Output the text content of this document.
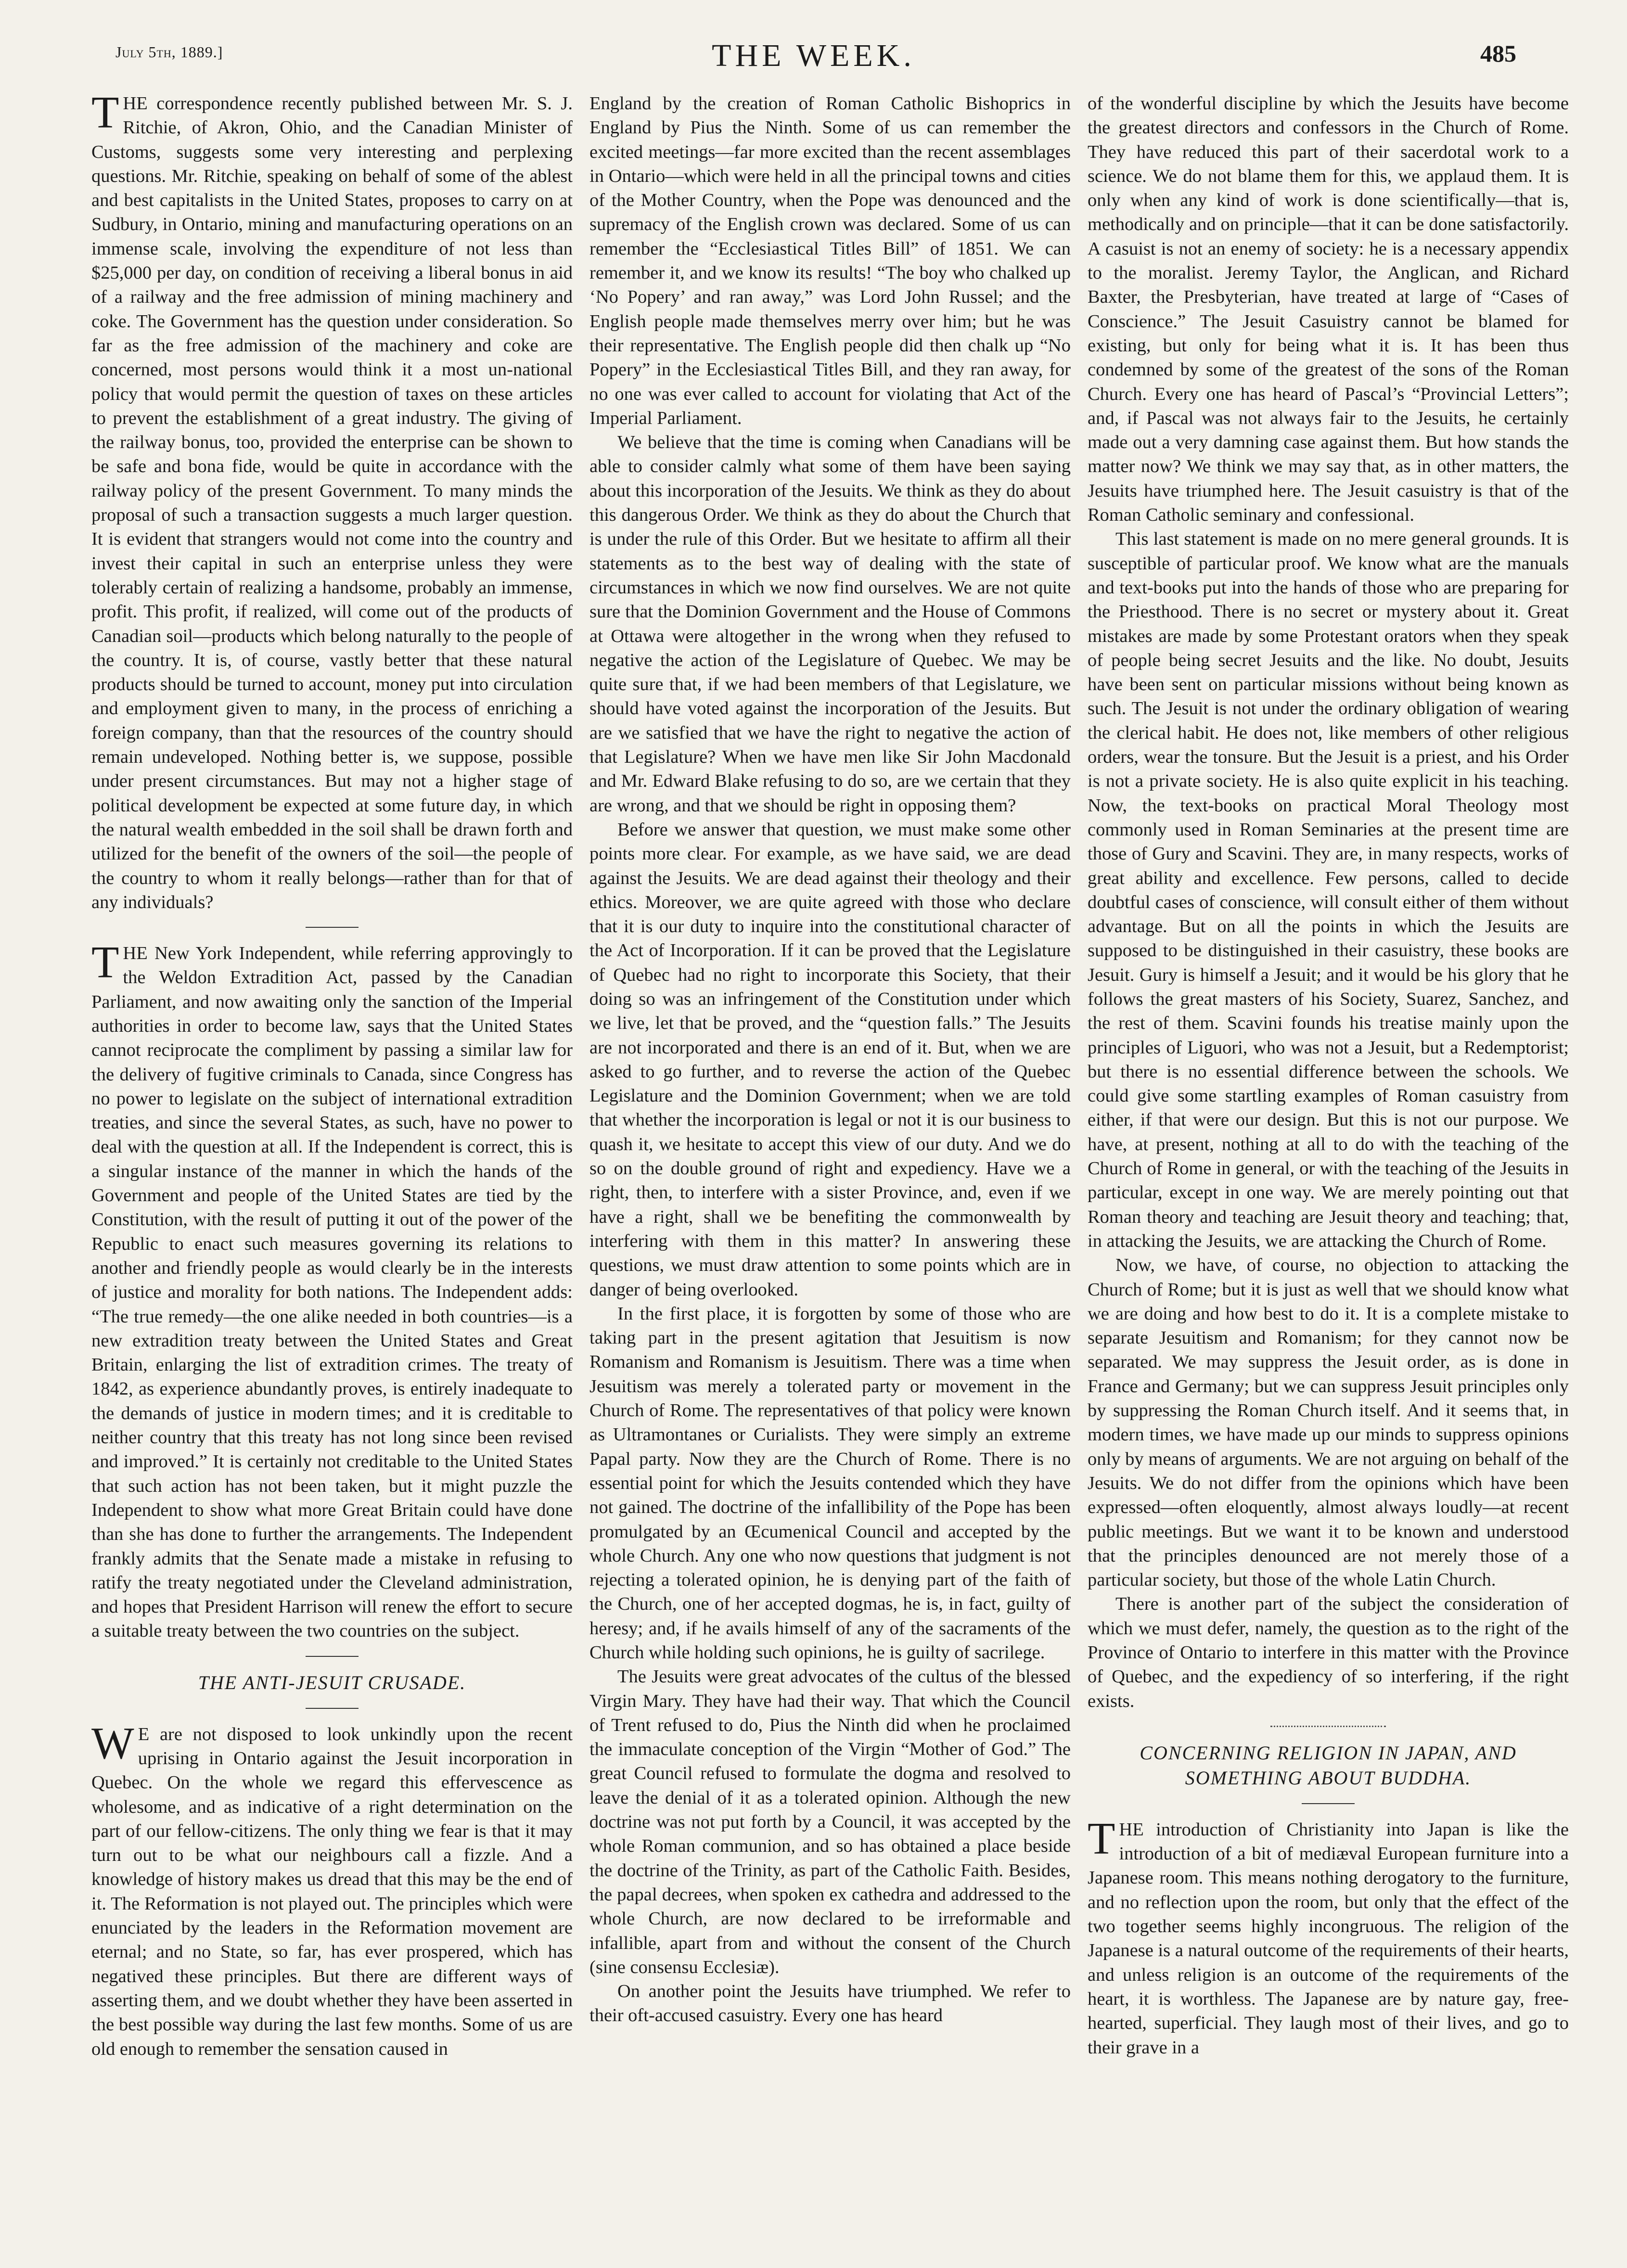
July 5th, 1889.]	THE WEEK.	485

THE correspondence recently published between Mr. S. J. Ritchie, of Akron, Ohio, and the Canadian Minister of Customs, suggests some very interesting and perplexing questions. Mr. Ritchie, speaking on behalf of some of the ablest and best capitalists in the United States, proposes to carry on at Sudbury, in Ontario, mining and manufacturing operations on an immense scale, involving the expenditure of not less than $25,000 per day, on condition of receiving a liberal bonus in aid of a railway and the free admission of mining machinery and coke. The Government has the question under consideration. So far as the free admission of the machinery and coke are concerned, most persons would think it a most un-national policy that would permit the question of taxes on these articles to prevent the establishment of a great industry. The giving of the railway bonus, too, provided the enterprise can be shown to be safe and bona fide, would be quite in accordance with the railway policy of the present Government. To many minds the proposal of such a transaction suggests a much larger question. It is evident that strangers would not come into the country and invest their capital in such an enterprise unless they were tolerably certain of realizing a handsome, probably an immense, profit. This profit, if realized, will come out of the products of Canadian soil—products which belong naturally to the people of the country. It is, of course, vastly better that these natural products should be turned to account, money put into circulation and employment given to many, in the process of enriching a foreign company, than that the resources of the country should remain undeveloped. Nothing better is, we suppose, possible under present circumstances. But may not a higher stage of political development be expected at some future day, in which the natural wealth embedded in the soil shall be drawn forth and utilized for the benefit of the owners of the soil—the people of the country to whom it really belongs—rather than for that of any individuals?

THE New York Independent, while referring approvingly to the Weldon Extradition Act, passed by the Canadian Parliament, and now awaiting only the sanction of the Imperial authorities in order to become law, says that the United States cannot reciprocate the compliment by passing a similar law for the delivery of fugitive criminals to Canada, since Congress has no power to legislate on the subject of international extradition treaties, and since the several States, as such, have no power to deal with the question at all. If the Independent is correct, this is a singular instance of the manner in which the hands of the Government and people of the United States are tied by the Constitution, with the result of putting it out of the power of the Republic to enact such measures governing its relations to another and friendly people as would clearly be in the interests of justice and morality for both nations. The Independent adds: “The true remedy—the one alike needed in both countries—is a new extradition treaty between the United States and Great Britain, enlarging the list of extradition crimes. The treaty of 1842, as experience abundantly proves, is entirely inadequate to the demands of justice in modern times; and it is creditable to neither country that this treaty has not long since been revised and improved.” It is certainly not creditable to the United States that such action has not been taken, but it might puzzle the Independent to show what more Great Britain could have done than she has done to further the arrangements. The Independent frankly admits that the Senate made a mistake in refusing to ratify the treaty negotiated under the Cleveland administration, and hopes that President Harrison will renew the effort to secure a suitable treaty between the two countries on the subject.

THE ANTI-JESUIT CRUSADE.

WE are not disposed to look unkindly upon the recent uprising in Ontario against the Jesuit incorporation in Quebec. On the whole we regard this effervescence as wholesome, and as indicative of a right determination on the part of our fellow-citizens. The only thing we fear is that it may turn out to be what our neighbours call a fizzle. And a knowledge of history makes us dread that this may be the end of it. The Reformation is not played out. The principles which were enunciated by the leaders in the Reformation movement are eternal; and no State, so far, has ever prospered, which has negatived these principles. But there are different ways of asserting them, and we doubt whether they have been asserted in the best possible way during the last few months. Some of us are old enough to remember the sensation caused in

England by the creation of Roman Catholic Bishoprics in England by Pius the Ninth. Some of us can remember the excited meetings—far more excited than the recent assemblages in Ontario—which were held in all the principal towns and cities of the Mother Country, when the Pope was denounced and the supremacy of the English crown was declared. Some of us can remember the “Ecclesiastical Titles Bill” of 1851. We can remember it, and we know its results! “The boy who chalked up ‘No Popery’ and ran away,” was Lord John Russel; and the English people made themselves merry over him; but he was their representative. The English people did then chalk up “No Popery” in the Ecclesiastical Titles Bill, and they ran away, for no one was ever called to account for violating that Act of the Imperial Parliament.

We believe that the time is coming when Canadians will be able to consider calmly what some of them have been saying about this incorporation of the Jesuits. We think as they do about this dangerous Order. We think as they do about the Church that is under the rule of this Order. But we hesitate to affirm all their statements as to the best way of dealing with the state of circumstances in which we now find ourselves. We are not quite sure that the Dominion Government and the House of Commons at Ottawa were altogether in the wrong when they refused to negative the action of the Legislature of Quebec. We may be quite sure that, if we had been members of that Legislature, we should have voted against the incorporation of the Jesuits. But are we satisfied that we have the right to negative the action of that Legislature? When we have men like Sir John Macdonald and Mr. Edward Blake refusing to do so, are we certain that they are wrong, and that we should be right in opposing them?

Before we answer that question, we must make some other points more clear. For example, as we have said, we are dead against the Jesuits. We are dead against their theology and their ethics. Moreover, we are quite agreed with those who declare that it is our duty to inquire into the constitutional character of the Act of Incorporation. If it can be proved that the Legislature of Quebec had no right to incorporate this Society, that their doing so was an infringement of the Constitution under which we live, let that be proved, and the “question falls.” The Jesuits are not incorporated and there is an end of it. But, when we are asked to go further, and to reverse the action of the Quebec Legislature and the Dominion Government; when we are told that whether the incorporation is legal or not it is our business to quash it, we hesitate to accept this view of our duty. And we do so on the double ground of right and expediency. Have we a right, then, to interfere with a sister Province, and, even if we have a right, shall we be benefiting the commonwealth by interfering with them in this matter? In answering these questions, we must draw attention to some points which are in danger of being overlooked.

In the first place, it is forgotten by some of those who are taking part in the present agitation that Jesuitism is now Romanism and Romanism is Jesuitism. There was a time when Jesuitism was merely a tolerated party or movement in the Church of Rome. The representatives of that policy were known as Ultramontanes or Curialists. They were simply an extreme Papal party. Now they are the Church of Rome. There is no essential point for which the Jesuits contended which they have not gained. The doctrine of the infallibility of the Pope has been promulgated by an Œcumenical Council and accepted by the whole Church. Any one who now questions that judgment is not rejecting a tolerated opinion, he is denying part of the faith of the Church, one of her accepted dogmas, he is, in fact, guilty of heresy; and, if he avails himself of any of the sacraments of the Church while holding such opinions, he is guilty of sacrilege.

The Jesuits were great advocates of the cultus of the blessed Virgin Mary. They have had their way. That which the Council of Trent refused to do, Pius the Ninth did when he proclaimed the immaculate conception of the Virgin “Mother of God.” The great Council refused to formulate the dogma and resolved to leave the denial of it as a tolerated opinion. Although the new doctrine was not put forth by a Council, it was accepted by the whole Roman communion, and so has obtained a place beside the doctrine of the Trinity, as part of the Catholic Faith. Besides, the papal decrees, when spoken ex cathedra and addressed to the whole Church, are now declared to be irreformable and infallible, apart from and without the consent of the Church (sine consensu Ecclesiæ).

On another point the Jesuits have triumphed. We refer to their oft-accused casuistry. Every one has heard

of the wonderful discipline by which the Jesuits have become the greatest directors and confessors in the Church of Rome. They have reduced this part of their sacerdotal work to a science. We do not blame them for this, we applaud them. It is only when any kind of work is done scientifically—that is, methodically and on principle—that it can be done satisfactorily. A casuist is not an enemy of society: he is a necessary appendix to the moralist. Jeremy Taylor, the Anglican, and Richard Baxter, the Presbyterian, have treated at large of “Cases of Conscience.” The Jesuit Casuistry cannot be blamed for existing, but only for being what it is. It has been thus condemned by some of the greatest of the sons of the Roman Church. Every one has heard of Pascal’s “Provincial Letters”; and, if Pascal was not always fair to the Jesuits, he certainly made out a very damning case against them. But how stands the matter now? We think we may say that, as in other matters, the Jesuits have triumphed here. The Jesuit casuistry is that of the Roman Catholic seminary and confessional.

This last statement is made on no mere general grounds. It is susceptible of particular proof. We know what are the manuals and text-books put into the hands of those who are preparing for the Priesthood. There is no secret or mystery about it. Great mistakes are made by some Protestant orators when they speak of people being secret Jesuits and the like. No doubt, Jesuits have been sent on particular missions without being known as such. The Jesuit is not under the ordinary obligation of wearing the clerical habit. He does not, like members of other religious orders, wear the tonsure. But the Jesuit is a priest, and his Order is not a private society. He is also quite explicit in his teaching. Now, the text-books on practical Moral Theology most commonly used in Roman Seminaries at the present time are those of Gury and Scavini. They are, in many respects, works of great ability and excellence. Few persons, called to decide doubtful cases of conscience, will consult either of them without advantage. But on all the points in which the Jesuits are supposed to be distinguished in their casuistry, these books are Jesuit. Gury is himself a Jesuit; and it would be his glory that he follows the great masters of his Society, Suarez, Sanchez, and the rest of them. Scavini founds his treatise mainly upon the principles of Liguori, who was not a Jesuit, but a Redemptorist; but there is no essential difference between the schools. We could give some startling examples of Roman casuistry from either, if that were our design. But this is not our purpose. We have, at present, nothing at all to do with the teaching of the Church of Rome in general, or with the teaching of the Jesuits in particular, except in one way. We are merely pointing out that Roman theory and teaching are Jesuit theory and teaching; that, in attacking the Jesuits, we are attacking the Church of Rome.

Now, we have, of course, no objection to attacking the Church of Rome; but it is just as well that we should know what we are doing and how best to do it. It is a complete mistake to separate Jesuitism and Romanism; for they cannot now be separated. We may suppress the Jesuit order, as is done in France and Germany; but we can suppress Jesuit principles only by suppressing the Roman Church itself. And it seems that, in modern times, we have made up our minds to suppress opinions only by means of arguments. We are not arguing on behalf of the Jesuits. We do not differ from the opinions which have been expressed—often eloquently, almost always loudly—at recent public meetings. But we want it to be known and understood that the principles denounced are not merely those of a particular society, but those of the whole Latin Church.

There is another part of the subject the consideration of which we must defer, namely, the question as to the right of the Province of Ontario to interfere in this matter with the Province of Quebec, and the expediency of so interfering, if the right exists.

CONCERNING RELIGION IN JAPAN, AND SOMETHING ABOUT BUDDHA.

THE introduction of Christianity into Japan is like the introduction of a bit of mediæval European furniture into a Japanese room. This means nothing derogatory to the furniture, and no reflection upon the room, but only that the effect of the two together seems highly incongruous. The religion of the Japanese is a natural outcome of the requirements of their hearts, and unless religion is an outcome of the requirements of the heart, it is worthless. The Japanese are by nature gay, free-hearted, superficial. They laugh most of their lives, and go to their grave in a
